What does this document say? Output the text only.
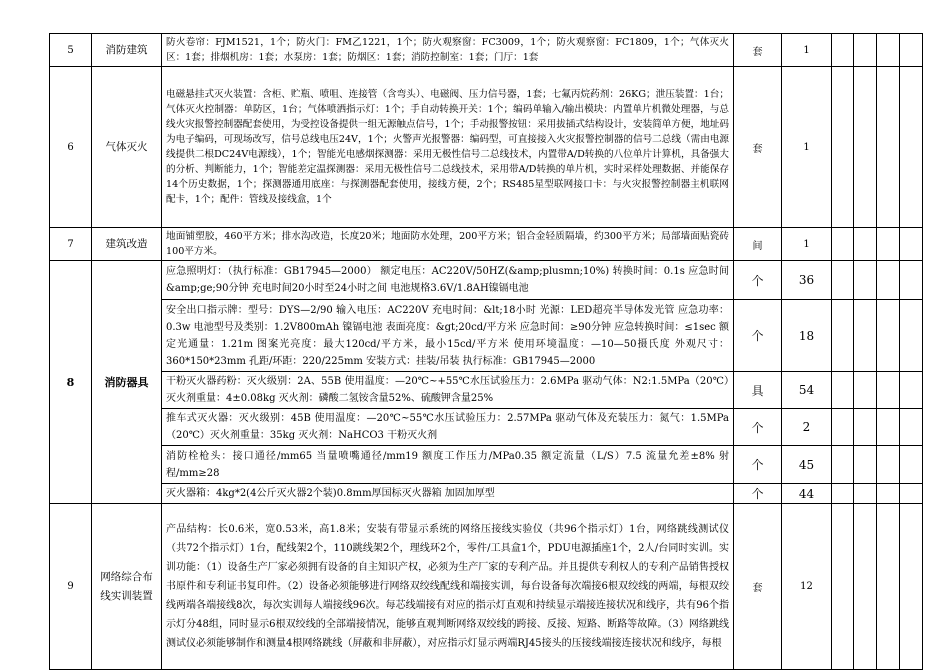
5	消防建筑	防火卷帘：FJM1521，1个；防火门：FM乙1221，1个；防火观察窗：FC3009，1个；防火观察窗：FC1809，1个；气体灭火区：1套；排烟机房：1套；水泵房：1套；防烟区：1套；消防控制室：1套；门厅：1套	套	1				
6	气体灭火	电磁悬挂式灭火装置：含柜、贮瓶、喷咀、连接管（含弯头）、电磁阀、压力信号器，1套；七氟丙烷药剂：26KG；泄压装置：1台；气体灭火控制器：单防区，1台；气体喷洒指示灯：1个；手自动转换开关：1个；编码单输入/输出模块：内置单片机微处理器，与总线火灾报警控制器配套使用，为受控设备提供一组无源触点信号，1个；手动报警按钮：采用拔插式结构设计，安装简单方便，地址码为电子编码，可现场改写，信号总线电压24V，1个；火警声光报警器：编码型，可直接接入火灾报警控制器的信号二总线（需由电源线提供二根DC24V电源线），1个；智能光电感烟探测器：采用无极性信号二总线技术，内置带A/D转换的八位单片计算机，具备强大的分析、判断能力，1个；智能差定温探测器：采用无极性信号二总线技术，采用带A/D转换的单片机，实时采样处理数据、并能保存14个历史数据，1个；探测器通用底座：与探测器配套使用，接线方便，2个；RS485星型联网接口卡：与火灾报警控制器主机联网配卡，1个；配件：管线及接线盒，1个	套	1				
7	建筑改造	地面铺塑胶，460平方米；排水沟改造，长度20米；地面防水处理，200平方米；铝合金轻质隔墙，约300平方米；局部墙面贴瓷砖100平方米。	间	1				
8	消防器具	应急照明灯：（执行标准：GB17945—2000） 额定电压：AC220V/50HZ(&amp;plusmn;10%) 转换时间：0.1s 应急时间&amp;ge;90分钟 充电时间20小时至24小时之间 电池规格3.6V/1.8AH镍镉电池	个	36				
		安全出口指示牌：型号：DYS—2/90 输入电压：AC220V 充电时间：&lt;18小时 光源：LED超亮半导体发光管 应急功率：0.3w 电池型号及类别：1.2V800mAh 镍镉电池 表面亮度：&gt;20cd/平方米 应急时间：≥90分钟 应急转换时间：≤1sec 额定光通量：1.21m 图案光亮度：最大120cd/平方米，最小15cd/平方米 使用环境温度：—10—50摄氏度 外观尺寸：360*150*23mm 孔距/环距：220/225mm 安装方式：挂装/吊装 执行标准：GB17945—2000	个	18				
		干粉灭火器药粉：灭火级别：2A、55B 使用温度：—20℃~+55℃水压试验压力：2.6MPa 驱动气体：N2:1.5MPa（20℃）灭火剂重量：4±0.08kg 灭火剂：磷酸二氢铵含量52%、硫酸钾含量25%	具	54				
		推车式灭火器：灭火级别：45B 使用温度：—20℃~55℃水压试验压力：2.57MPa 驱动气体及充装压力：氮气：1.5MPa（20℃）灭火剂重量：35kg 灭火剂：NaHCO3 干粉灭火剂	个	2				
		消防栓枪头：接口通径/mm65 当量喷嘴通径/mm19 额度工作压力/MPa0.35 额定流量（L/S）7.5 流量允差±8% 射程/mm≥28	个	45				
		灭火器箱：4kg*2(4公斤灭火器2个装)0.8mm厚国标灭火器箱 加固加厚型	个	44				
9	网络综合布线实训装置	产品结构：长0.6米，宽0.53米，高1.8米；安装有带显示系统的网络压接线实验仪（共96个指示灯）1台，网络跳线测试仪（共72个指示灯）1台，配线架2个，110跳线架2个，理线环2个，零件/工具盒1个，PDU电源插座1个，2人/台同时实训。实训功能：（1）设备生产厂家必须拥有设备的自主知识产权，必须为生产厂家的专利产品。并且提供专利权人的专利产品销售授权书原件和专利证书复印件。（2）设备必须能够进行网络双绞线配线和端接实训，每台设备每次端接6根双绞线的两端，每根双绞线两端各端接线8次，每次实训每人端接线96次。每芯线端接有对应的指示灯直观和持续显示端接连接状况和线序，共有96个指示灯分48组，同时显示6根双绞线的全部端接情况，能够直观判断网络双绞线的跨接、反接、短路、断路等故障。（3）网络跳线测试仪必须能够制作和测量4根网络跳线（屏蔽和非屏蔽），对应指示灯显示两端RJ45接头的压接线端接连接状况和线序，每根	套	12				
